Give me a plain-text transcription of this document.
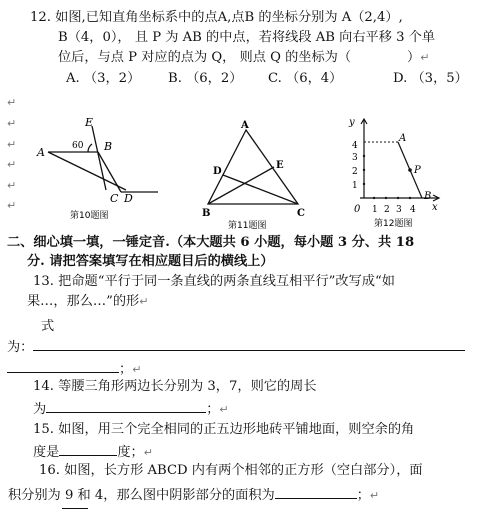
12. 如图,已知直角坐标系中的点A,点B 的坐标分别为 A（2,4）,
B（4，0）， 且 P 为 AB 的中点，若将线段 AB 向右平移 3 个单
位后，与点 P 对应的点为 Q， 则点 Q 的坐标为（	）↵
A. （3，2） B. （6，2） C. （6，4）	D. （3，5）
↵
↵
↵
↵
↵
↵
E
A	60 B
C D
第10题图
A
D
E
B	C
第11题图
y
x
4
3
2
1
0 1 2 3 4
A
P
B
第12题图
二、细心填一填，一锤定音.（本大题共 6 小题，每小题 3 分、共 18
分. 请把答案填写在相应题目后的横线上）
13. 把命题“平行于同一条直线的两条直线互相平行”改写成“如
果…，那么…”的形↵
式
为：
；↵
14. 等腰三角形两边长分别为 3，7，则它的周长
为	；↵
15. 如图，用三个完全相同的正五边形地砖平铺地面，则空余的角
度是	度；↵
16. 如图，长方形 ABCD 内有两个相邻的正方形（空白部分），面
积分别为 9 和 4，那么图中阴影部分的面积为	；↵
